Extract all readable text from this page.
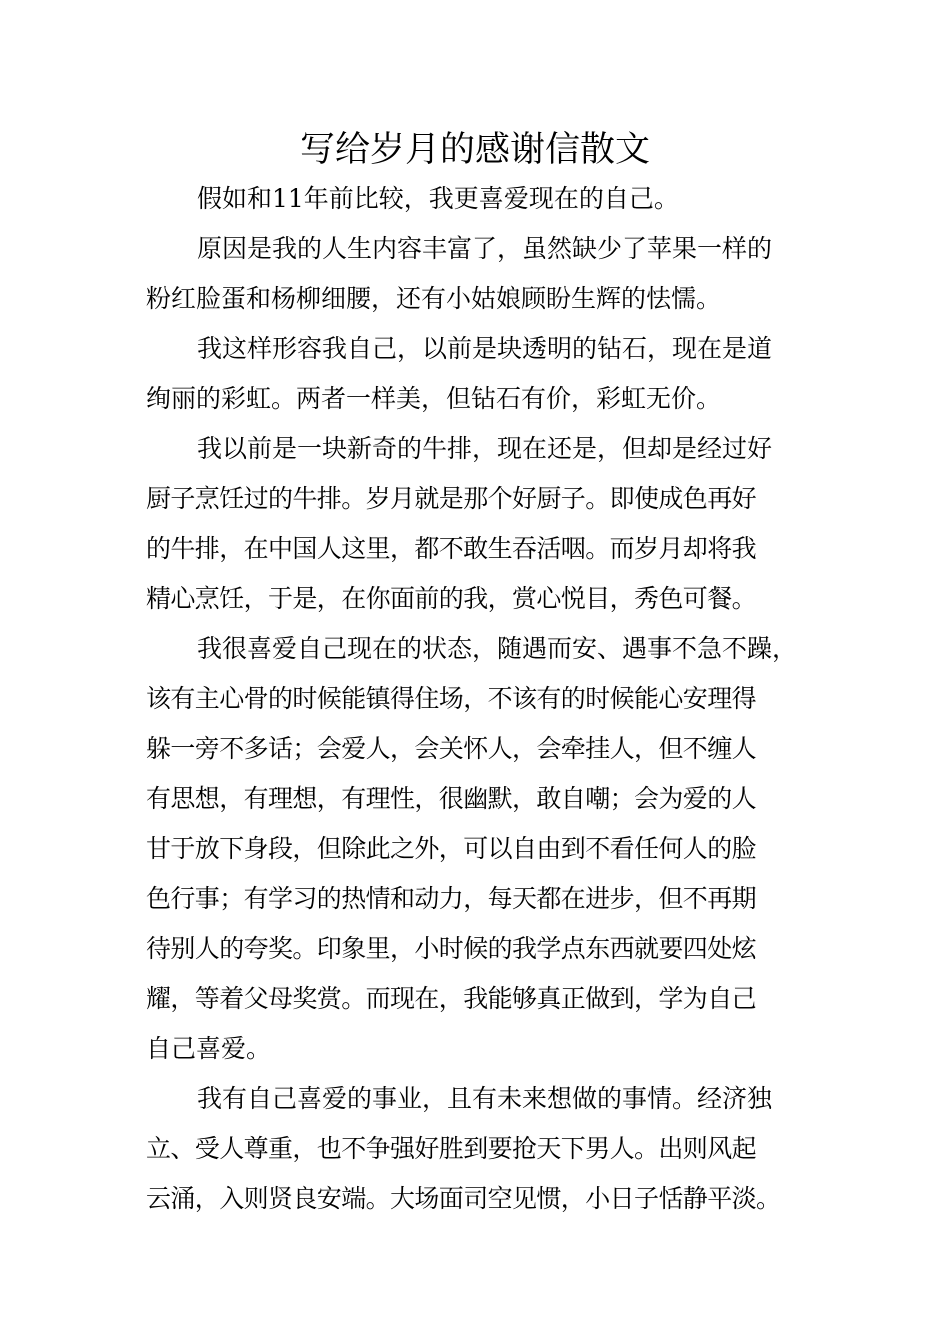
写给岁月的感谢信散文

假如和11年前比较，我更喜爱现在的自己。

原因是我的人生内容丰富了，虽然缺少了苹果一样的

粉红脸蛋和杨柳细腰，还有小姑娘顾盼生辉的怯懦。

我这样形容我自己，以前是块透明的钻石，现在是道

绚丽的彩虹。两者一样美，但钻石有价，彩虹无价。

我以前是一块新奇的牛排，现在还是，但却是经过好

厨子烹饪过的牛排。岁月就是那个好厨子。即使成色再好

的牛排，在中国人这里，都不敢生吞活咽。而岁月却将我

精心烹饪，于是，在你面前的我，赏心悦目，秀色可餐。

我很喜爱自己现在的状态，随遇而安、遇事不急不躁，

该有主心骨的时候能镇得住场，不该有的时候能心安理得

躲一旁不多话；会爱人，会关怀人，会牵挂人，但不缠人

有思想，有理想，有理性，很幽默，敢自嘲；会为爱的人

甘于放下身段，但除此之外，可以自由到不看任何人的脸

色行事；有学习的热情和动力，每天都在进步，但不再期

待别人的夸奖。印象里，小时候的我学点东西就要四处炫

耀，等着父母奖赏。而现在，我能够真正做到，学为自己

自己喜爱。

我有自己喜爱的事业，且有未来想做的事情。经济独

立、受人尊重，也不争强好胜到要抢天下男人。出则风起

云涌，入则贤良安端。大场面司空见惯，小日子恬静平淡。
